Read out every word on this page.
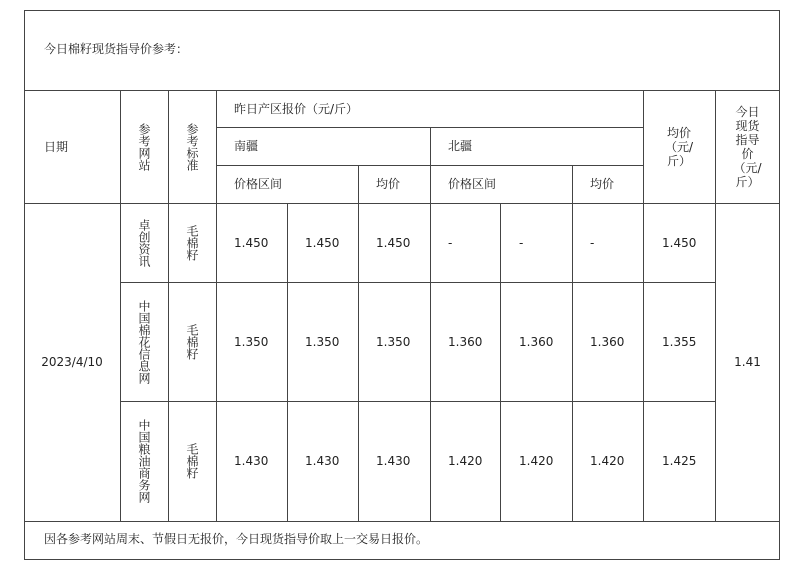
今日棉籽现货指导价参考：
日期	参考网站	参考标准
昨日产区报价（元/斤）
南疆	北疆
价格区间	均价	价格区间	均价
均价
（元/
斤）
今日
现货
指导
价
（元/
斤）
2023/4/10	1.41
卓创资讯	毛棉籽	1.450	1.450	1.450	-	-	-	1.450
中国棉花信息网	毛棉籽	1.350	1.350	1.350	1.360	1.360	1.360	1.355
中国粮油商务网	毛棉籽	1.430	1.430	1.430	1.420	1.420	1.420	1.425
因各参考网站周末、节假日无报价，今日现货指导价取上一交易日报价。
